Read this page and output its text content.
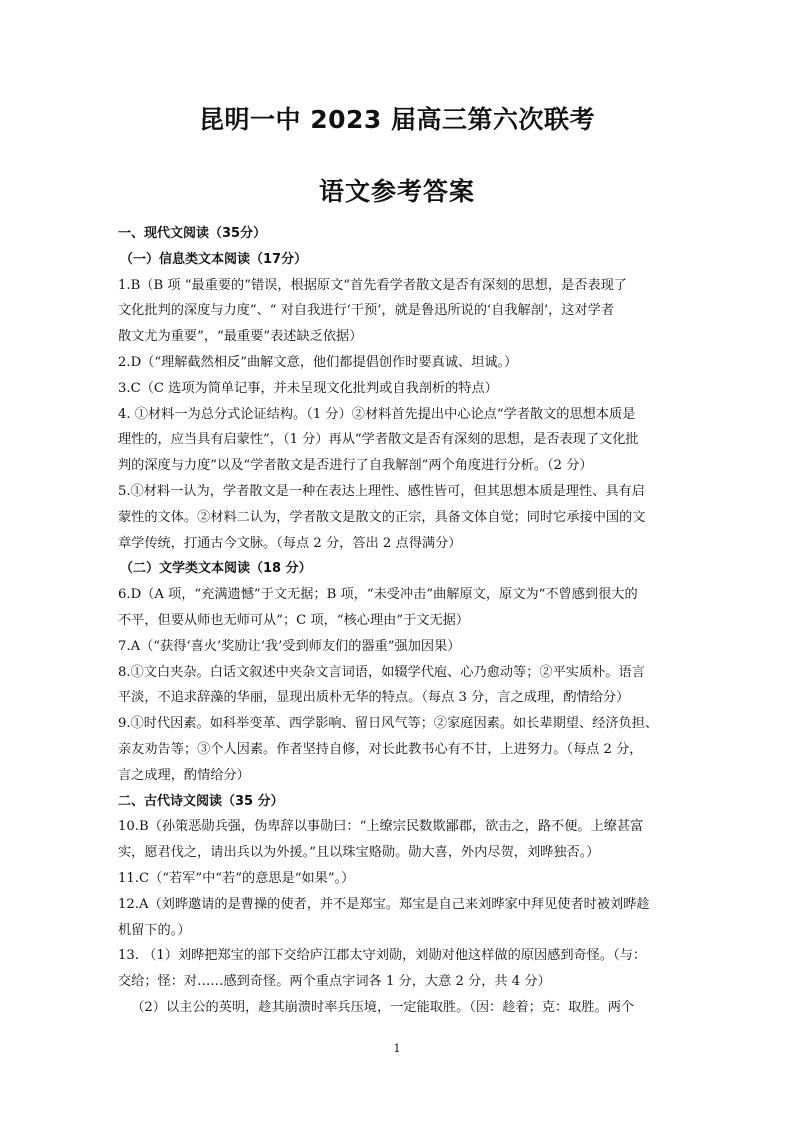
昆明一中 2023 届高三第六次联考
语文参考答案

一、现代文阅读（35分）

（一）信息类文本阅读（17分）

1.B（B 项 “最重要的”错误，根据原文“首先看学者散文是否有深刻的思想，是否表现了

文化批判的深度与力度”、“ 对自我进行‘干预’，就是鲁迅所说的‘自我解剖’，这对学者

散文尤为重要”，“最重要”表述缺乏依据）

2.D（“理解截然相反”曲解文意，他们都提倡创作时要真诚、坦诚。）

3.C（C 选项为简单记事，并未呈现文化批判或自我剖析的特点）

4. ①材料一为总分式论证结构。（1 分）②材料首先提出中心论点“学者散文的思想本质是

理性的，应当具有启蒙性”，（1 分）再从“学者散文是否有深刻的思想，是否表现了文化批

判的深度与力度”以及“学者散文是否进行了自我解剖”两个角度进行分析。（2 分）

5.①材料一认为，学者散文是一种在表达上理性、感性皆可，但其思想本质是理性、具有启

蒙性的文体。②材料二认为，学者散文是散文的正宗，具备文体自觉；同时它承接中国的文

章学传统，打通古今文脉。（每点 2 分，答出 2 点得满分）

（二）文学类文本阅读（18 分）

6.D（A 项，“充满遗憾”于文无据；B 项，“未受冲击”曲解原文，原文为“不曾感到很大的

不平，但要从师也无师可从”；C 项，“核心理由”于文无据）

7.A（“获得‘喜火’奖励让‘我’受到师友们的器重”强加因果）

8.①文白夹杂。白话文叙述中夹杂文言词语，如辍学代庖、心乃愈动等；②平实质朴。语言

平淡，不追求辞藻的华丽，显现出质朴无华的特点。（每点 3 分，言之成理，酌情给分）

9.①时代因素。如科举变革、西学影响、留日风气等；②家庭因素。如长辈期望、经济负担、

亲友劝告等；③个人因素。作者坚持自修，对长此教书心有不甘，上进努力。（每点 2 分，

言之成理，酌情给分）

二、古代诗文阅读（35 分）

10.B（孙策恶勋兵强，伪卑辞以事勋曰：“上缭宗民数欺鄙郡，欲击之，路不便。上缭甚富

实，愿君伐之，请出兵以为外援。”且以珠宝赂勋。勋大喜，外内尽贺，刘晔独否。）

11.C（“若军”中“若”的意思是“如果”。）

12.A（刘晔邀请的是曹操的使者，并不是郑宝。郑宝是自己来刘晔家中拜见使者时被刘晔趁

机留下的。）

13. （1）刘晔把郑宝的部下交给庐江郡太守刘勋，刘勋对他这样做的原因感到奇怪。（与：

交给；怪：对……感到奇怪。两个重点字词各 1 分，大意 2 分，共 4 分）

（2）以主公的英明，趁其崩溃时率兵压境，一定能取胜。（因：趁着；克：取胜。两个

1
